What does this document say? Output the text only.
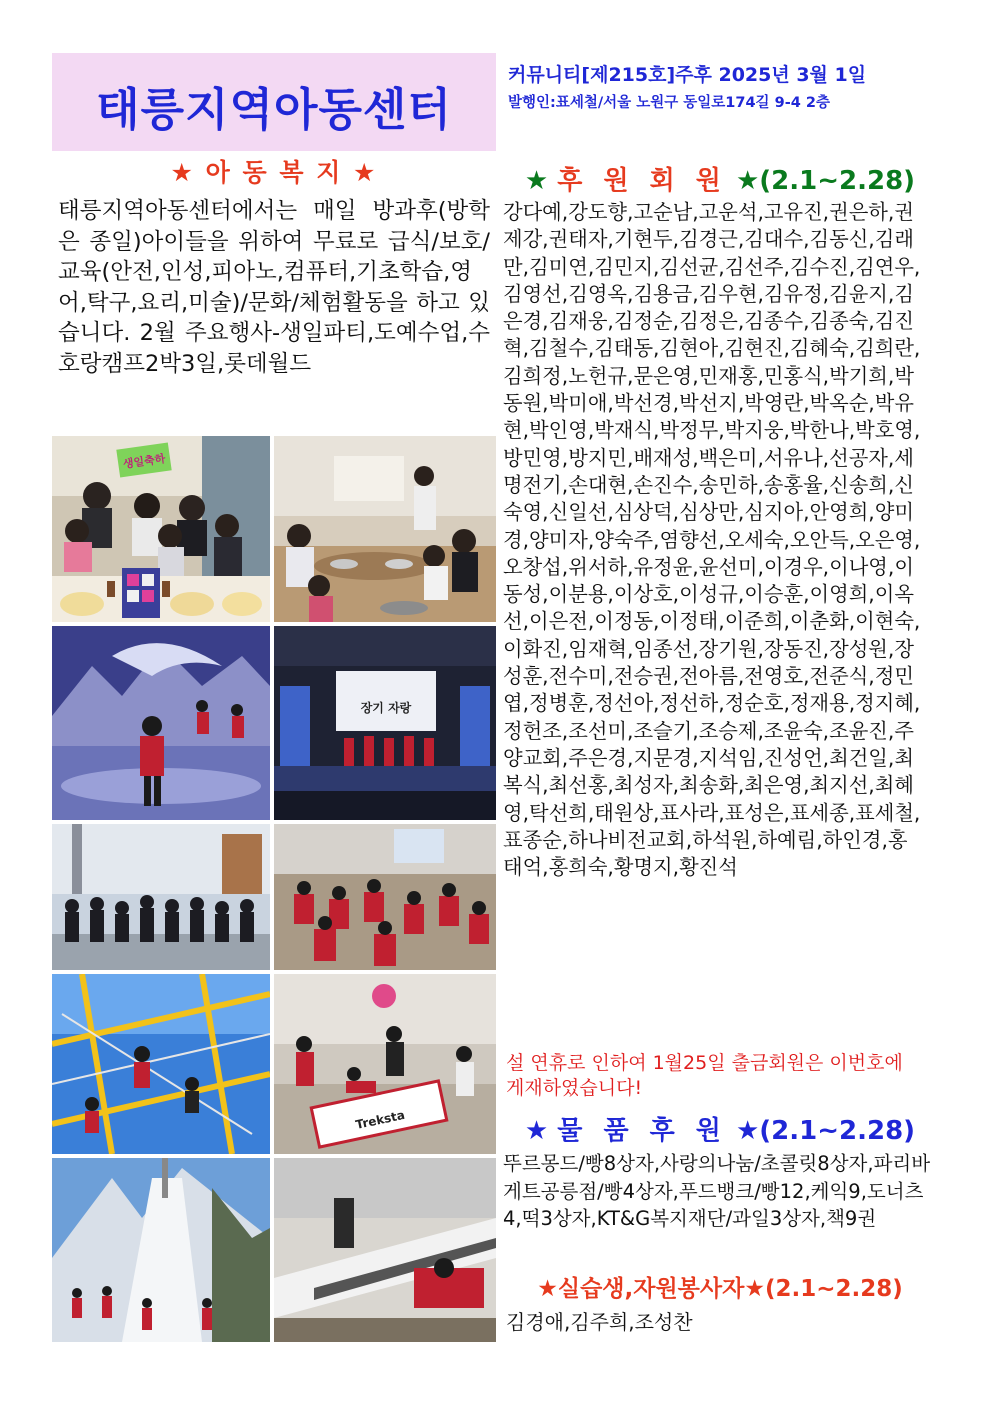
태릉지역아동센터
커뮤니티[제215호]주후 2025년 3월 1일
발행인:표세철/서울 노원구 동일로174길 9-4 2층
★ 아 동 복 지 ★

태릉지역아동센터에서는 매일 방과후(방학은 종일)아이들을 위하여 무료로 급식/보호/교육(안전,인성,피아노,컴퓨터,기초학습,영어,탁구,요리,미술)/문화/체험활동을 하고 있습니다. 2월 주요행사-생일파티,도예수업,수호랑캠프2박3일,롯데월드

생일축하
장기 자랑
Treksta
★ 후 원 회 원 ★(2.1~2.28)

강다예,강도향,고순남,고운석,고유진,권은하,권제강,권태자,기현두,김경근,김대수,김동신,김래만,김미연,김민지,김선균,김선주,김수진,김연우,김영선,김영옥,김용금,김우현,김유정,김윤지,김은경,김재웅,김정순,김정은,김종수,김종숙,김진혁,김철수,김태동,김현아,김현진,김혜숙,김희란,김희정,노헌규,문은영,민재홍,민홍식,박기희,박동원,박미애,박선경,박선지,박영란,박옥순,박유현,박인영,박재식,박정무,박지웅,박한나,박호영,방민영,방지민,배재성,백은미,서유나,선공자,세명전기,손대현,손진수,송민하,송홍율,신송희,신숙영,신일선,심상덕,심상만,심지아,안영희,양미경,양미자,양숙주,염향선,오세숙,오안득,오은영,오창섭,위서하,유정윤,윤선미,이경우,이나영,이동성,이분용,이상호,이성규,이승훈,이영희,이옥선,이은전,이정동,이정태,이준희,이춘화,이현숙,이화진,임재혁,임종선,장기원,장동진,장성원,장성훈,전수미,전승권,전아름,전영호,전준식,정민엽,정병훈,정선아,정선하,정순호,정재용,정지혜,정헌조,조선미,조슬기,조승제,조윤숙,조윤진,주양교회,주은경,지문경,지석임,진성언,최건일,최복식,최선홍,최성자,최송화,최은영,최지선,최혜영,탁선희,태원상,표사라,표성은,표세종,표세철,표종순,하나비전교회,하석원,하예림,하인경,홍태억,홍희숙,황명지,황진석

설 연휴로 인하여 1월25일 출금회원은 이번호에 게재하였습니다!

★ 물 품 후 원 ★(2.1~2.28)

뚜르몽드/빵8상자,사랑의나눔/초콜릿8상자,파리바게트공릉점/빵4상자,푸드뱅크/빵12,케익9,도너츠4,떡3상자,KT&G복지재단/과일3상자,책9권

★실습생,자원봉사자★(2.1~2.28)

김경애,김주희,조성찬
